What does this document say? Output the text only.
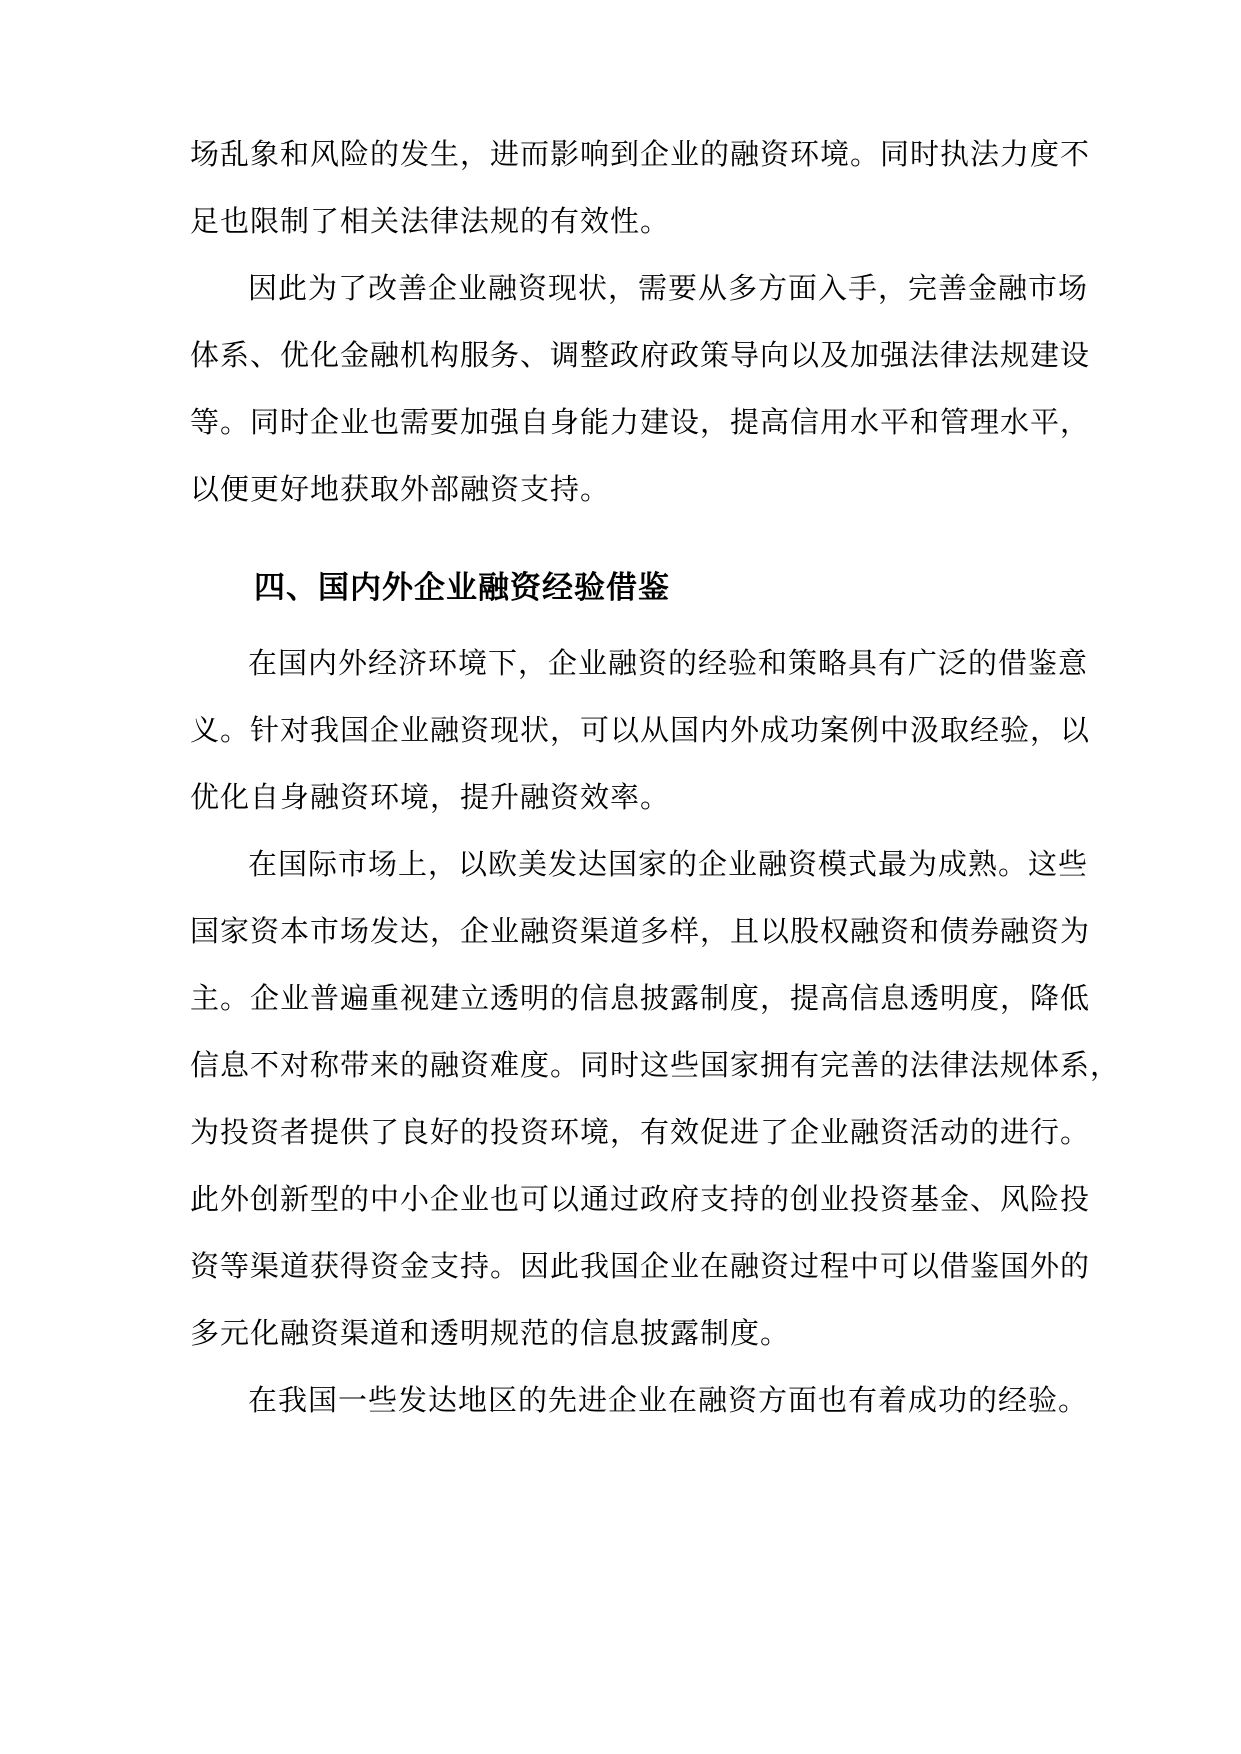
场乱象和风险的发生，进而影响到企业的融资环境。同时执法力度不
足也限制了相关法律法规的有效性。
因此为了改善企业融资现状，需要从多方面入手，完善金融市场
体系、优化金融机构服务、调整政府政策导向以及加强法律法规建设
等。同时企业也需要加强自身能力建设，提高信用水平和管理水平，
以便更好地获取外部融资支持。
四、国内外企业融资经验借鉴
在国内外经济环境下，企业融资的经验和策略具有广泛的借鉴意
义。针对我国企业融资现状，可以从国内外成功案例中汲取经验，以
优化自身融资环境，提升融资效率。
在国际市场上，以欧美发达国家的企业融资模式最为成熟。这些
国家资本市场发达，企业融资渠道多样，且以股权融资和债券融资为
主。企业普遍重视建立透明的信息披露制度，提高信息透明度，降低
信息不对称带来的融资难度。同时这些国家拥有完善的法律法规体系，
为投资者提供了良好的投资环境，有效促进了企业融资活动的进行。
此外创新型的中小企业也可以通过政府支持的创业投资基金、风险投
资等渠道获得资金支持。因此我国企业在融资过程中可以借鉴国外的
多元化融资渠道和透明规范的信息披露制度。
在我国一些发达地区的先进企业在融资方面也有着成功的经验。
